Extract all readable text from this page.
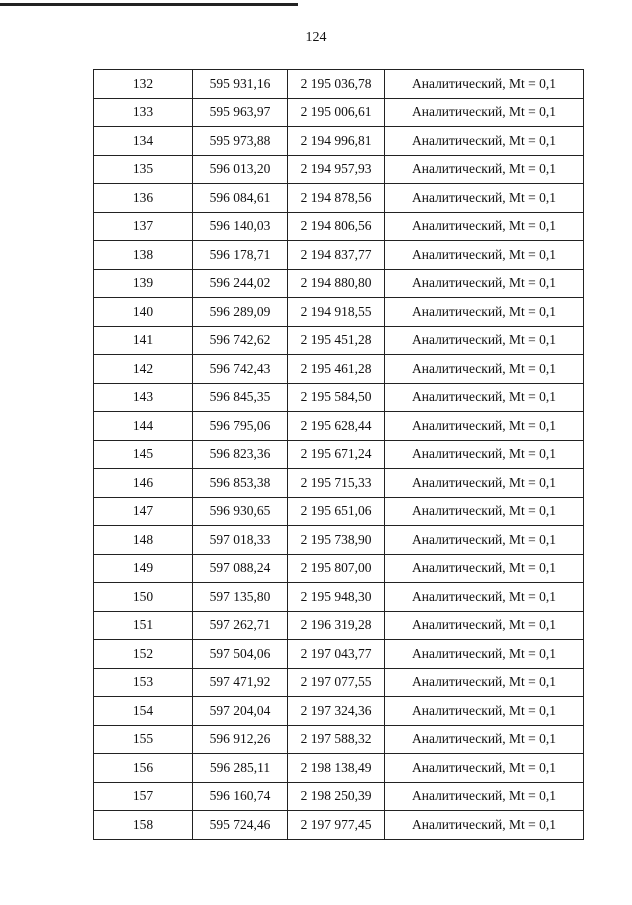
124
132	595 931,16	2 195 036,78	Аналитический, Mt = 0,1
133	595 963,97	2 195 006,61	Аналитический, Mt = 0,1
134	595 973,88	2 194 996,81	Аналитический, Mt = 0,1
135	596 013,20	2 194 957,93	Аналитический, Mt = 0,1
136	596 084,61	2 194 878,56	Аналитический, Mt = 0,1
137	596 140,03	2 194 806,56	Аналитический, Mt = 0,1
138	596 178,71	2 194 837,77	Аналитический, Mt = 0,1
139	596 244,02	2 194 880,80	Аналитический, Mt = 0,1
140	596 289,09	2 194 918,55	Аналитический, Mt = 0,1
141	596 742,62	2 195 451,28	Аналитический, Mt = 0,1
142	596 742,43	2 195 461,28	Аналитический, Mt = 0,1
143	596 845,35	2 195 584,50	Аналитический, Mt = 0,1
144	596 795,06	2 195 628,44	Аналитический, Mt = 0,1
145	596 823,36	2 195 671,24	Аналитический, Mt = 0,1
146	596 853,38	2 195 715,33	Аналитический, Mt = 0,1
147	596 930,65	2 195 651,06	Аналитический, Mt = 0,1
148	597 018,33	2 195 738,90	Аналитический, Mt = 0,1
149	597 088,24	2 195 807,00	Аналитический, Mt = 0,1
150	597 135,80	2 195 948,30	Аналитический, Mt = 0,1
151	597 262,71	2 196 319,28	Аналитический, Mt = 0,1
152	597 504,06	2 197 043,77	Аналитический, Mt = 0,1
153	597 471,92	2 197 077,55	Аналитический, Mt = 0,1
154	597 204,04	2 197 324,36	Аналитический, Mt = 0,1
155	596 912,26	2 197 588,32	Аналитический, Mt = 0,1
156	596 285,11	2 198 138,49	Аналитический, Mt = 0,1
157	596 160,74	2 198 250,39	Аналитический, Mt = 0,1
158	595 724,46	2 197 977,45	Аналитический, Mt = 0,1
